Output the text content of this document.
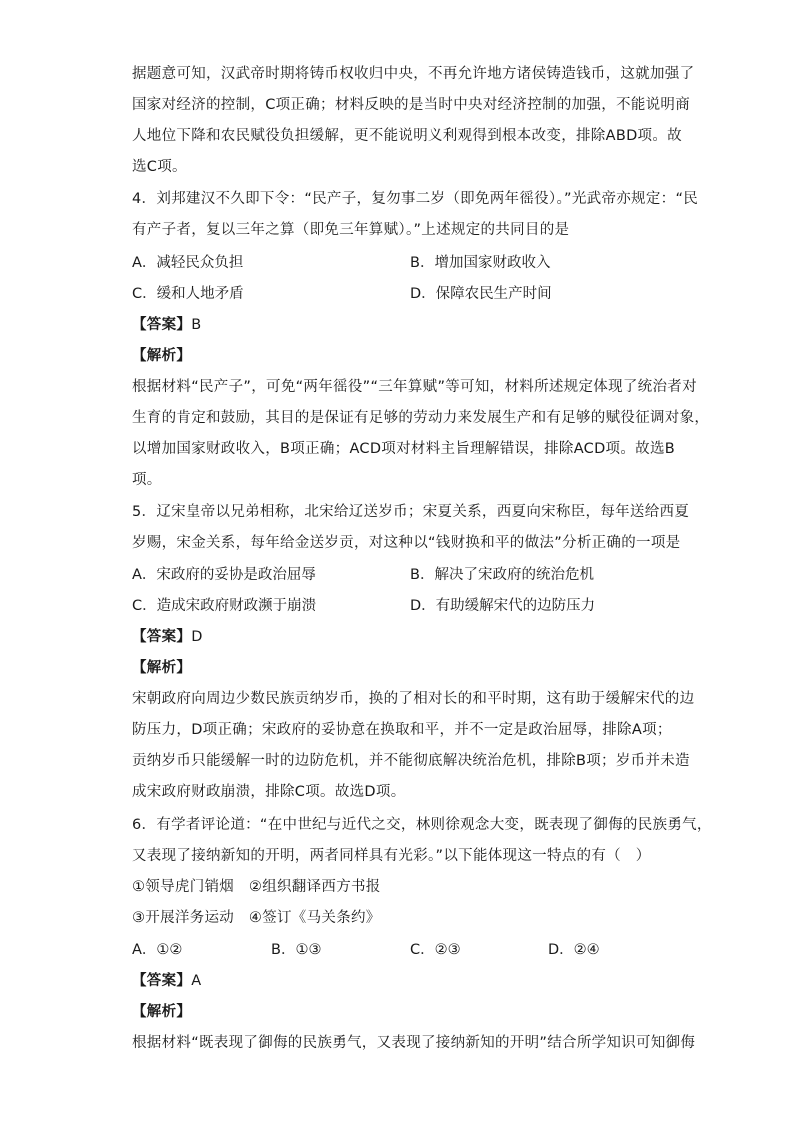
据题意可知，汉武帝时期将铸币权收归中央，不再允许地方诸侯铸造钱币，这就加强了
国家对经济的控制，C项正确；材料反映的是当时中央对经济控制的加强，不能说明商
人地位下降和农民赋役负担缓解，更不能说明义利观得到根本改变，排除ABD项。故
选C项。
4．刘邦建汉不久即下令：“民产子，复勿事二岁（即免两年徭役）。”光武帝亦规定：“民
有产子者，复以三年之算（即免三年算赋）。”上述规定的共同目的是
A．减轻民众负担	B．增加国家财政收入
C．缓和人地矛盾	D．保障农民生产时间
【答案】B
【解析】
根据材料“民产子”，可免“两年徭役”“三年算赋”等可知，材料所述规定体现了统治者对
生育的肯定和鼓励，其目的是保证有足够的劳动力来发展生产和有足够的赋役征调对象，
以增加国家财政收入，B项正确；ACD项对材料主旨理解错误，排除ACD项。故选B
项。
5．辽宋皇帝以兄弟相称，北宋给辽送岁币；宋夏关系，西夏向宋称臣，每年送给西夏
岁赐，宋金关系，每年给金送岁贡，对这种以“钱财换和平的做法”分析正确的一项是
A．宋政府的妥协是政治屈辱	B．解决了宋政府的统治危机
C．造成宋政府财政濒于崩溃	D．有助缓解宋代的边防压力
【答案】D
【解析】
宋朝政府向周边少数民族贡纳岁币，换的了相对长的和平时期，这有助于缓解宋代的边
防压力，D项正确；宋政府的妥协意在换取和平，并不一定是政治屈辱，排除A项；
贡纳岁币只能缓解一时的边防危机，并不能彻底解决统治危机，排除B项；岁币并未造
成宋政府财政崩溃，排除C项。故选D项。
6．有学者评论道：“在中世纪与近代之交，林则徐观念大变，既表现了御侮的民族勇气，
又表现了接纳新知的开明，两者同样具有光彩。”以下能体现这一特点的有（　）
①领导虎门销烟　②组织翻译西方书报
③开展洋务运动　④签订《马关条约》
A．①②	B．①③	C．②③	D．②④
【答案】A
【解析】
根据材料“既表现了御侮的民族勇气，又表现了接纳新知的开明”结合所学知识可知御侮
